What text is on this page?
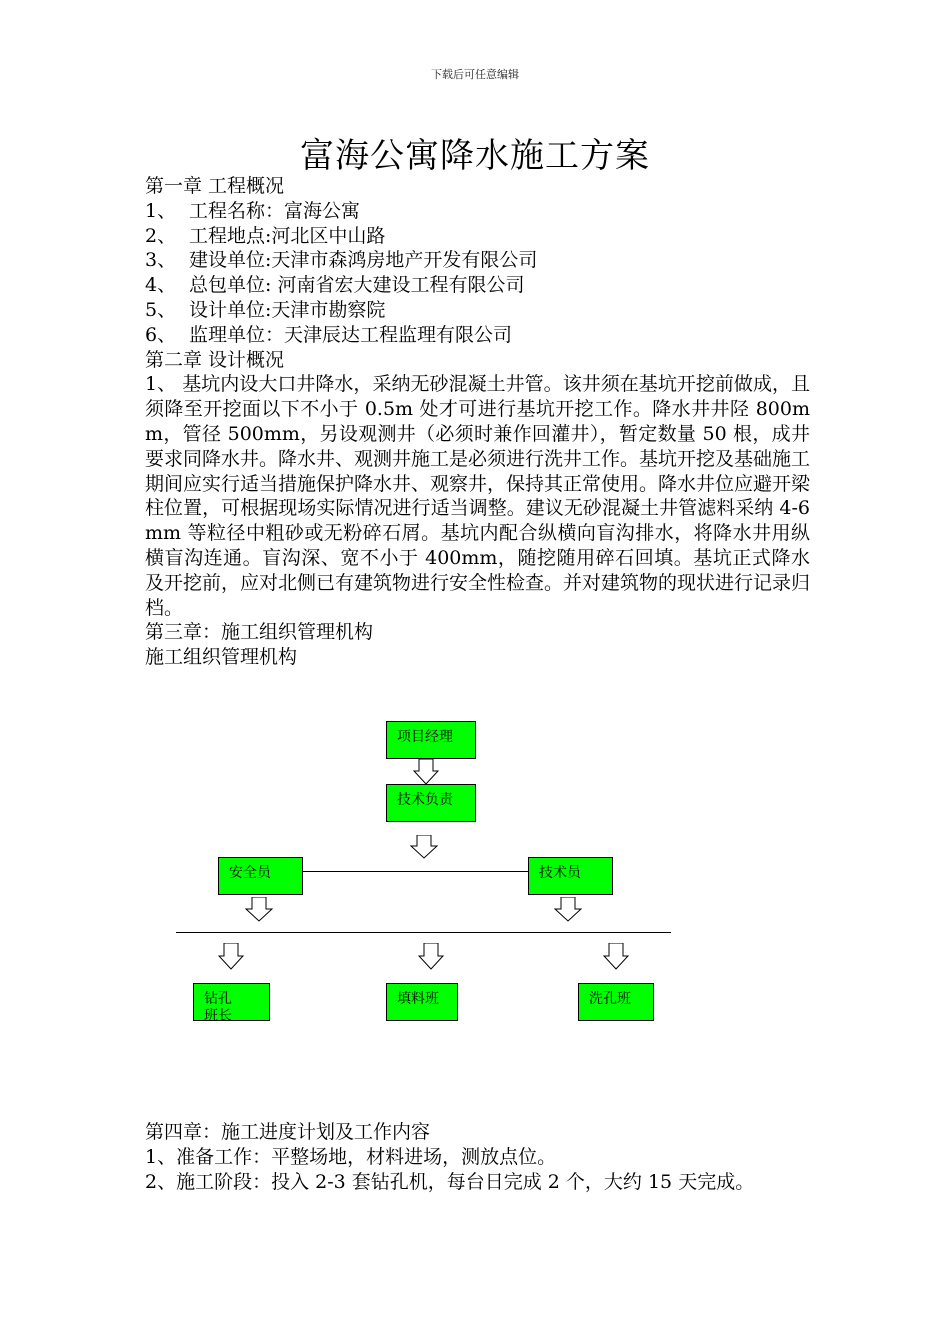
下载后可任意编辑
富海公寓降水施工方案
第一章 工程概况
1、 工程名称：富海公寓
2、 工程地点:河北区中山路
3、 建设单位:天津市森鸿房地产开发有限公司
4、 总包单位: 河南省宏大建设工程有限公司
5、 设计单位:天津市勘察院
6、 监理单位：天津辰达工程监理有限公司
第二章 设计概况
1、 基坑内设大口井降水，采纳无砂混凝土井管。该井须在基坑开挖前做成，且须降至开挖面以下不小于 0.5m 处才可进行基坑开挖工作。降水井井陉 800mm，管径 500mm，另设观测井（必须时兼作回灌井），暂定数量 50 根，成井要求同降水井。降水井、观测井施工是必须进行洗井工作。基坑开挖及基础施工期间应实行适当措施保护降水井、观察井，保持其正常使用。降水井位应避开梁柱位置，可根据现场实际情况进行适当调整。建议无砂混凝土井管滤料采纳 4-6mm 等粒径中粗砂或无粉碎石屑。基坑内配合纵横向盲沟排水，将降水井用纵横盲沟连通。盲沟深、宽不小于 400mm，随挖随用碎石回填。基坑正式降水及开挖前，应对北侧已有建筑物进行安全性检查。并对建筑物的现状进行记录归档。
第三章：施工组织管理机构
施工组织管理机构
项目经理
技术负责
安全员	技术员
钻孔班长
填料班	洗孔班
第四章：施工进度计划及工作内容
1、准备工作：平整场地，材料进场，测放点位。
2、施工阶段：投入 2-3 套钻孔机，每台日完成 2 个，大约 15 天完成。
